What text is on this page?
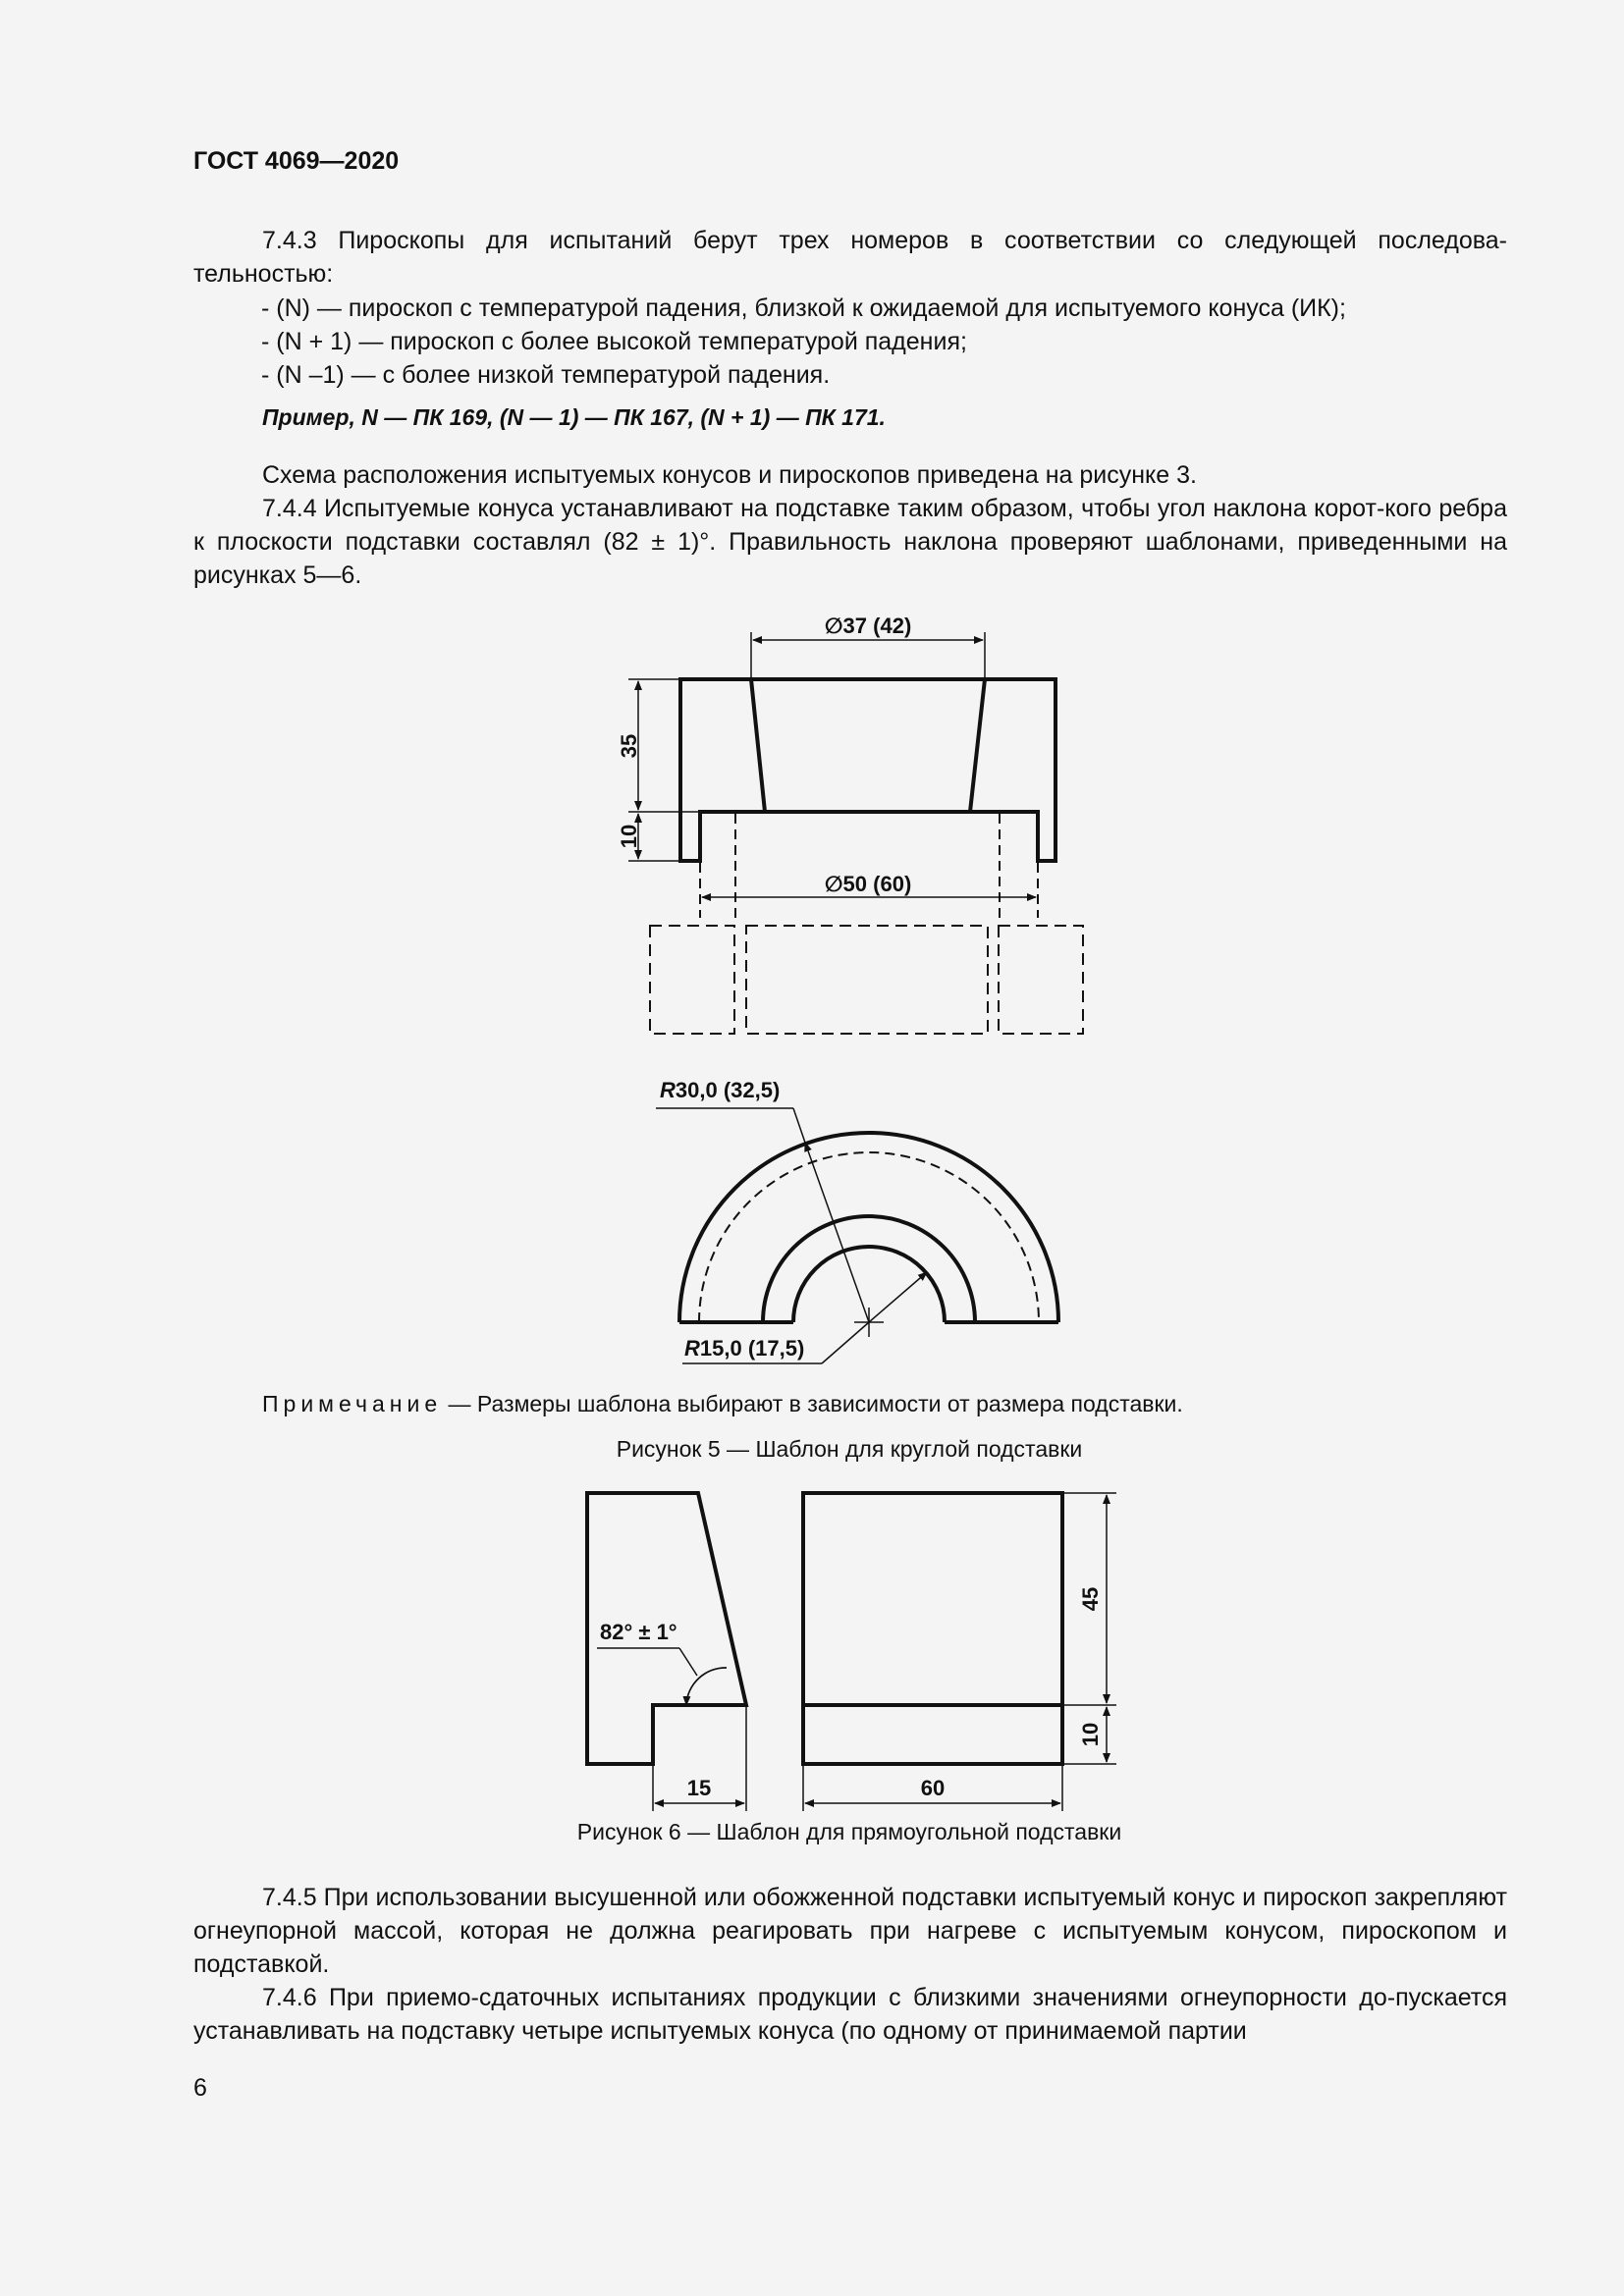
ГОСТ 4069—2020
7.4.3 Пироскопы для испытаний берут трех номеров в соответствии со следующей последова-
тельностью:
- (N) — пироскоп с температурой падения, близкой к ожидаемой для испытуемого конуса (ИК);
- (N + 1) — пироскоп с более высокой температурой падения;
- (N –1) — с более низкой температурой падения.
Пример, N — ПК 169, (N — 1) — ПК 167, (N + 1) — ПК 171.
Схема расположения испытуемых конусов и пироскопов приведена на рисунке 3.
7.4.4 Испытуемые конуса устанавливают на подставке таким образом, чтобы угол наклона корот-кого ребра к плоскости подставки составлял (82 ± 1)°. Правильность наклона проверяют шаблонами, приведенными на рисунках 5—6.
∅37 (42)
35
10
∅50 (60)
R30,0 (32,5)
R15,0 (17,5)
82° ± 1°
15	60
45
10
Примечание — Размеры шаблона выбирают в зависимости от размера подставки.
Рисунок 5 — Шаблон для круглой подставки
Рисунок 6 — Шаблон для прямоугольной подставки
7.4.5 При использовании высушенной или обожженной подставки испытуемый конус и пироскоп закрепляют огнеупорной массой, которая не должна реагировать при нагреве с испытуемым конусом, пироскопом и подставкой.
7.4.6 При приемо-сдаточных испытаниях продукции с близкими значениями огнеупорности до-пускается устанавливать на подставку четыре испытуемых конуса (по одному от принимаемой партии
6
